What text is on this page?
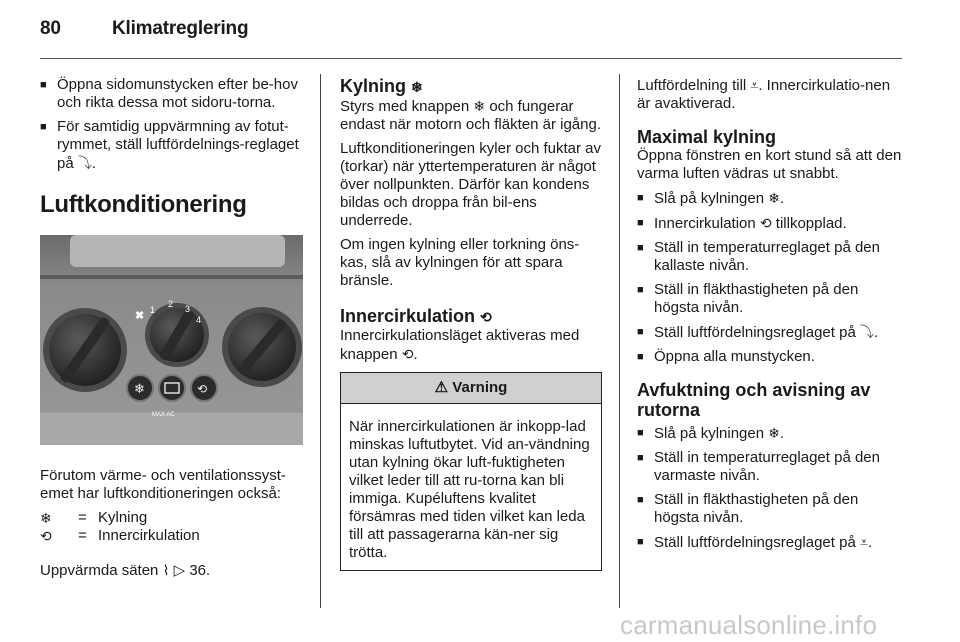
80	Klimatreglering
■ Öppna sidomunstycken efter be-hov och rikta dessa mot sidoru-torna.
■ För samtidig uppvärmning av fotut-rymmet, ställ luftfördelnings-reglaget på ⤵.
Luftkonditionering
✖ 1
2 3
4
❄	⟲
MAX AC

Förutom värme- och ventilationssyst-emet har luftkonditioneringen också:

❄	= Kylning
⟲	= Innercirkulation

Uppvärmda säten ⌇ ▷ 36.

Kylning ❄

Styrs med knappen ❄ och fungerar endast när motorn och fläkten är igång.

Luftkonditioneringen kyler och fuktar av (torkar) när yttertemperaturen är något över nollpunkten. Därför kan kondens bildas och droppa från bil-ens underrede.

Om ingen kylning eller torkning öns-kas, slå av kylningen för att spara bränsle.

Innercirkulation ⟲

Innercirkulationsläget aktiveras med knappen ⟲.

⚠ Varning
När innercirkulationen är inkopp-lad minskas luftutbytet. Vid an-vändning utan kylning ökar luft-fuktigheten vilket leder till att ru-torna kan bli immiga. Kupéluftens kvalitet försämras med tiden vilket kan leda till att passagerarna kän-ner sig trötta.

Luftfördelning till ⩡. Innercirkulatio-nen är avaktiverad.

Maximal kylning

Öppna fönstren en kort stund så att den varma luften vädras ut snabbt.

■ Slå på kylningen ❄.
■ Innercirkulation ⟲ tillkopplad.
■ Ställ in temperaturreglaget på den kallaste nivån.
■ Ställ in fläkthastigheten på den högsta nivån.
■ Ställ luftfördelningsreglaget på ⤵.
■ Öppna alla munstycken.
Avfuktning och avisning av rutorna
■ Slå på kylningen ❄.
■ Ställ in temperaturreglaget på den varmaste nivån.
■ Ställ in fläkthastigheten på den högsta nivån.
■ Ställ luftfördelningsreglaget på ⩡.
carmanualsonline.info
